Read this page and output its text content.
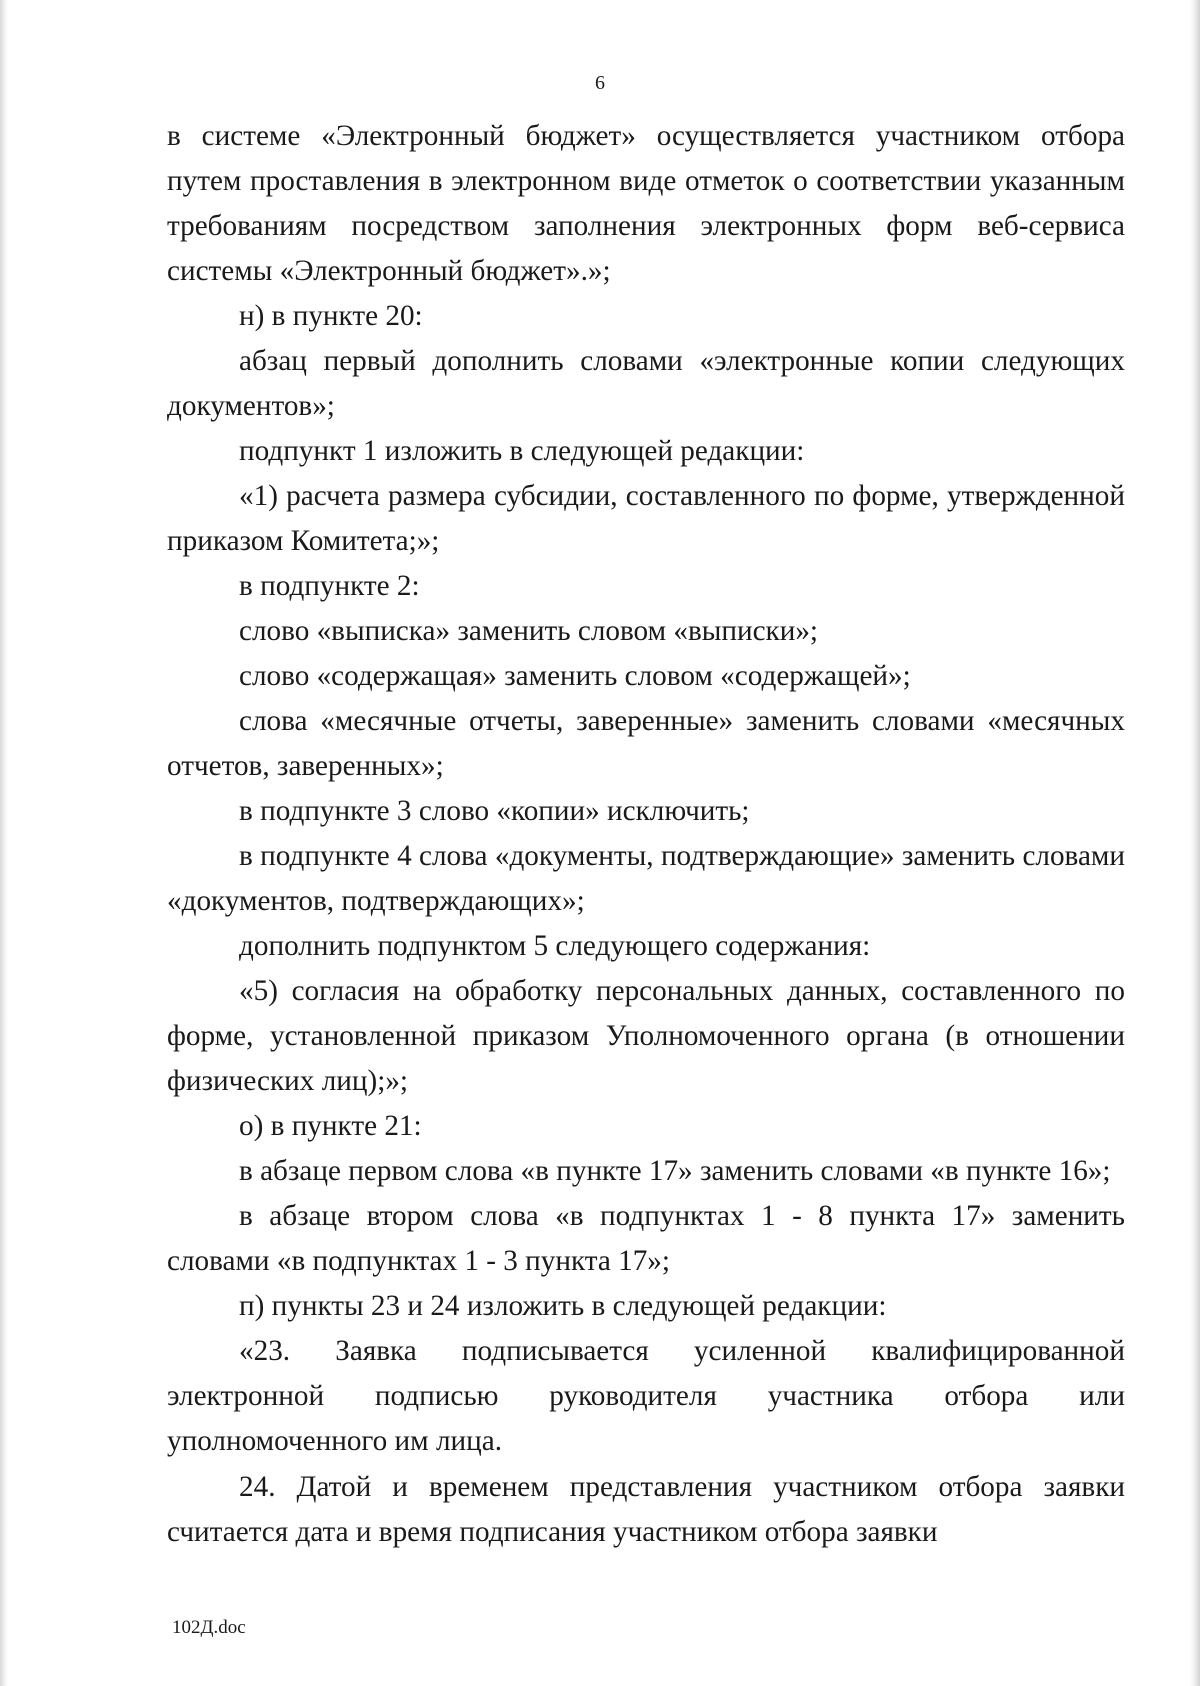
6

в системе «Электронный бюджет» осуществляется участником отбора путем проставления в электронном виде отметок о соответствии указанным требованиям посредством заполнения электронных форм веб-сервиса системы «Электронный бюджет».»;

н) в пункте 20:

абзац первый дополнить словами «электронные копии следующих документов»;

подпункт 1 изложить в следующей редакции:

«1) расчета размера субсидии, составленного по форме, утвержденной приказом Комитета;»;

в подпункте 2:

слово «выписка» заменить словом «выписки»;

слово «содержащая» заменить словом «содержащей»;

слова «месячные отчеты, заверенные» заменить словами «месячных отчетов, заверенных»;

в подпункте 3 слово «копии» исключить;

в подпункте 4 слова «документы, подтверждающие» заменить словами «документов, подтверждающих»;

дополнить подпунктом 5 следующего содержания:

«5) согласия на обработку персональных данных, составленного по форме, установленной приказом Уполномоченного органа (в отношении физических лиц);»;

о) в пункте 21:

в абзаце первом слова «в пункте 17» заменить словами «в пункте 16»;

в абзаце втором слова «в подпунктах 1 - 8 пункта 17» заменить словами «в подпунктах 1 - 3 пункта 17»;

п) пункты 23 и 24 изложить в следующей редакции:

«23. Заявка подписывается усиленной квалифицированной электронной подписью руководителя участника отбора или уполномоченного им лица.

24. Датой и временем представления участником отбора заявки считается дата и время подписания участником отбора заявки

102Д.doc
